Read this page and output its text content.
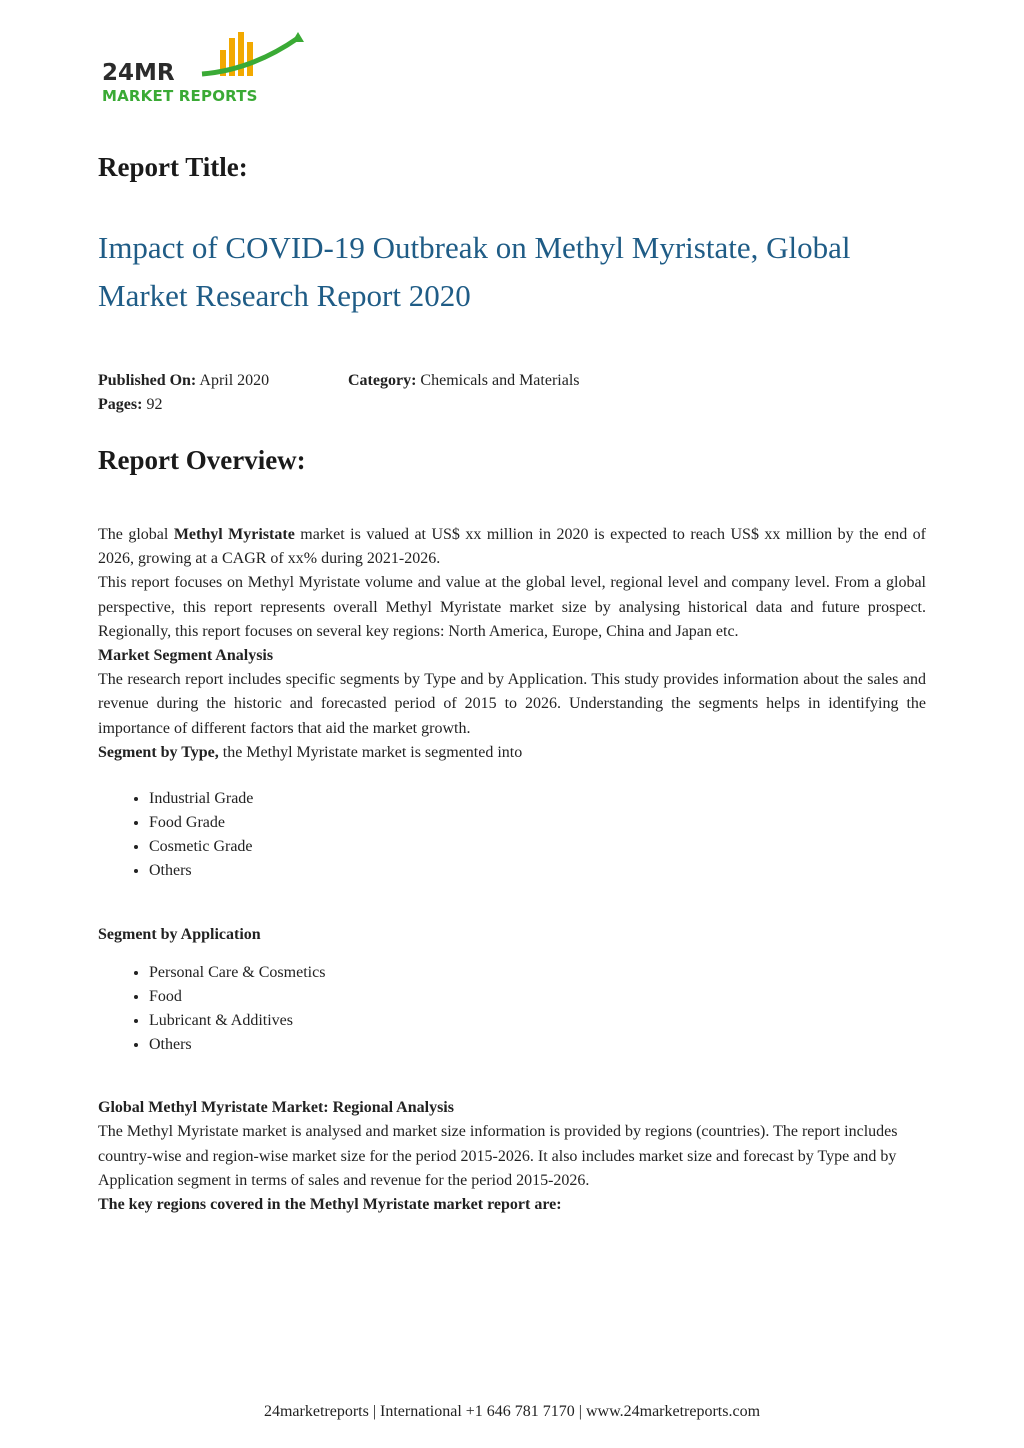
24MR
MARKET REPORTS
Report Title:
Impact of COVID-19 Outbreak on Methyl Myristate, Global Market Research Report 2020
Published On: April 2020	Category: Chemicals and Materials
Pages: 92
Report Overview:

The global Methyl Myristate market is valued at US$ xx million in 2020 is expected to reach US$ xx million by the end of 2026, growing at a CAGR of xx% during 2021-2026.

This report focuses on Methyl Myristate volume and value at the global level, regional level and company level. From a global perspective, this report represents overall Methyl Myristate market size by analysing historical data and future prospect. Regionally, this report focuses on several key regions: North America, Europe, China and Japan etc.

Market Segment Analysis

The research report includes specific segments by Type and by Application. This study provides information about the sales and revenue during the historic and forecasted period of 2015 to 2026. Understanding the segments helps in identifying the importance of different factors that aid the market growth.

Segment by Type, the Methyl Myristate market is segmented into

• Industrial Grade
• Food Grade
• Cosmetic Grade
• Others

Segment by Application

• Personal Care & Cosmetics
• Food
• Lubricant & Additives
• Others

Global Methyl Myristate Market: Regional Analysis

The Methyl Myristate market is analysed and market size information is provided by regions (countries). The report includes country-wise and region-wise market size for the period 2015-2026. It also includes market size and forecast by Type and by Application segment in terms of sales and revenue for the period 2015-2026.

The key regions covered in the Methyl Myristate market report are:

24marketreports | International +1 646 781 7170 | www.24marketreports.com
